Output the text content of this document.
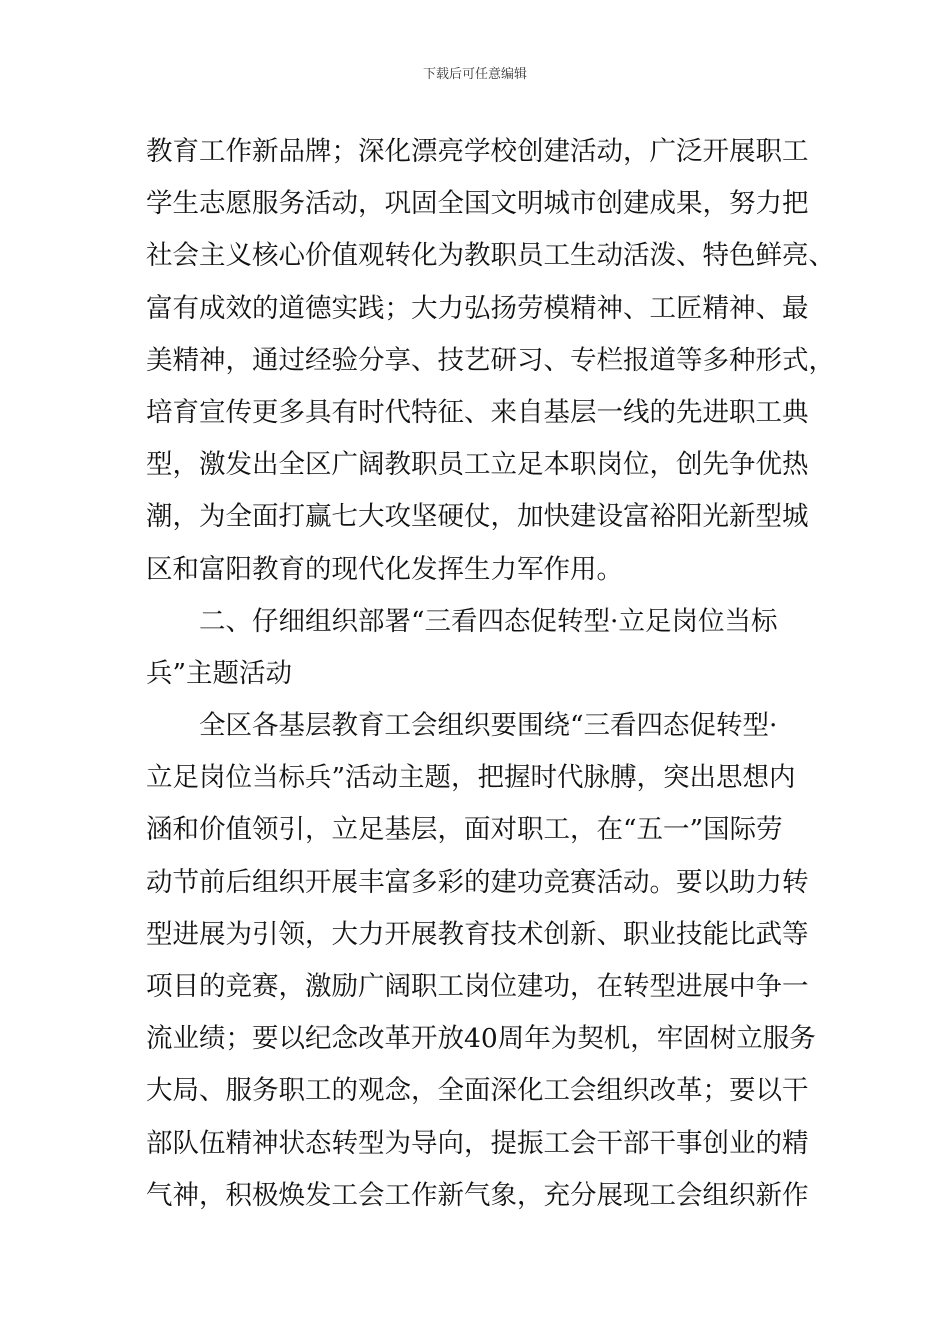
下载后可任意编辑
教育工作新品牌；深化漂亮学校创建活动，广泛开展职工
学生志愿服务活动，巩固全国文明城市创建成果，努力把
社会主义核心价值观转化为教职员工生动活泼、特色鲜亮、
富有成效的道德实践；大力弘扬劳模精神、工匠精神、最
美精神，通过经验分享、技艺研习、专栏报道等多种形式，
培育宣传更多具有时代特征、来自基层一线的先进职工典
型，激发出全区广阔教职员工立足本职岗位，创先争优热
潮，为全面打赢七大攻坚硬仗，加快建设富裕阳光新型城
区和富阳教育的现代化发挥生力军作用。
二、仔细组织部署“三看四态促转型·立足岗位当标
兵”主题活动
全区各基层教育工会组织要围绕“三看四态促转型·
立足岗位当标兵”活动主题，把握时代脉膊，突出思想内
涵和价值领引，立足基层，面对职工，在“五一”国际劳
动节前后组织开展丰富多彩的建功竞赛活动。要以助力转
型进展为引领，大力开展教育技术创新、职业技能比武等
项目的竞赛，激励广阔职工岗位建功，在转型进展中争一
流业绩；要以纪念改革开放40周年为契机，牢固树立服务
大局、服务职工的观念，全面深化工会组织改革；要以干
部队伍精神状态转型为导向，提振工会干部干事创业的精
气神，积极焕发工会工作新气象，充分展现工会组织新作
